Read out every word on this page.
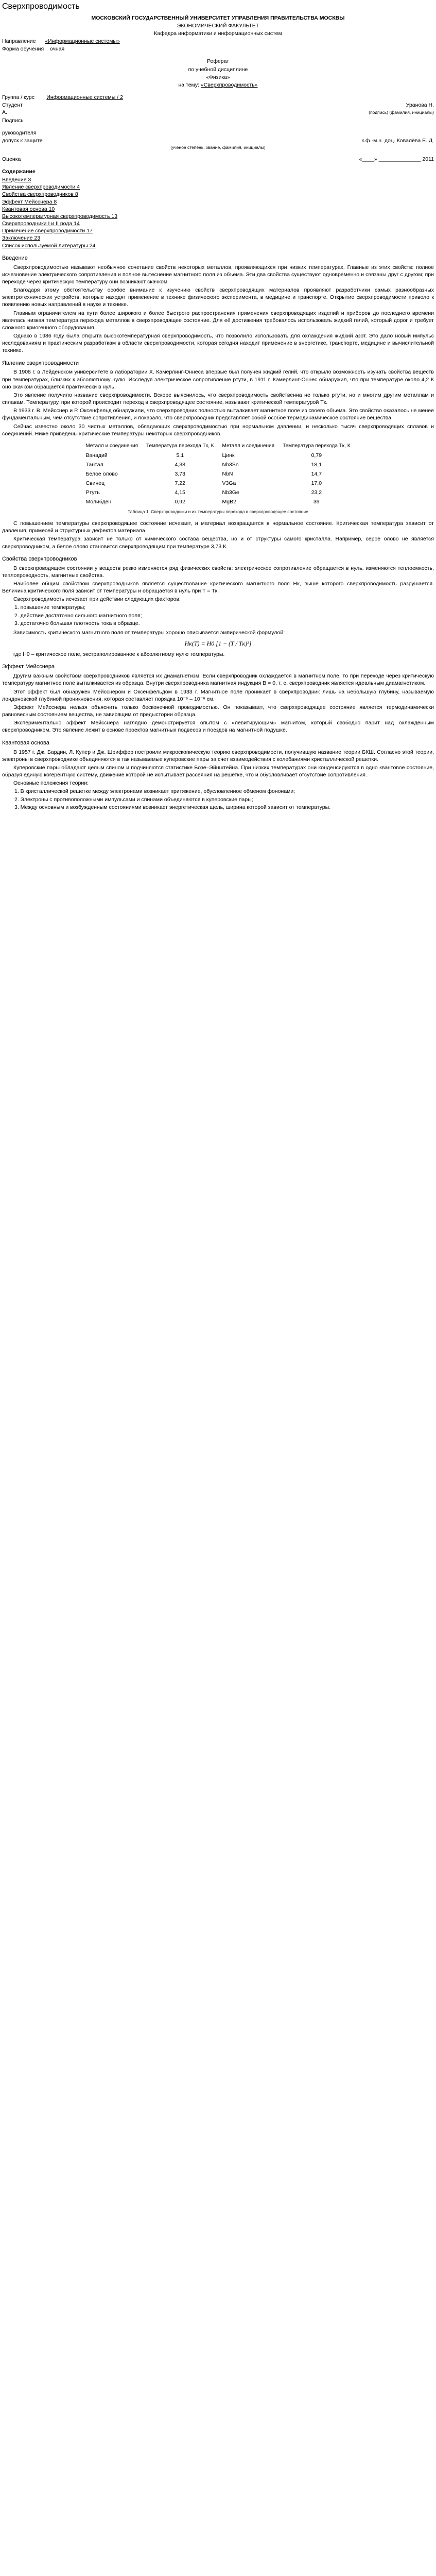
Сверхпроводимость
МОСКОВСКИЙ ГОСУДАРСТВЕННЫЙ УНИВЕРСИТЕТ УПРАВЛЕНИЯ ПРАВИТЕЛЬСТВА МОСКВЫ
ЭКОНОМИЧЕСКИЙ ФАКУЛЬТЕТ
Кафедра информатики и информационных систем
Направление «Информационные системы»
Форма обучения очная
Реферат
по учебной дисциплине
«Физика»
на тему: «Сверхпроводимость»
Группа / курс Информационные системы / 2
Студент	Уранова Н.
А.	(подпись) (фамилия, инициалы)
Подпись
руководителя
допуск к защите	к.ф.-м.н. доц. Ковалёва Е. Д.
(ученое степень, звание, фамилия, инициалы)
Оценка	«____» ______________ 2011
Содержание
Введение 3
Явление сверхпроводимости 4
Свойства сверхпроводников 8
Эффект Мейсснера 8
Квантовая основа 10
Высокотемпературная сверхпроводимость 13
Сверхпроводники I и II рода 14
Применение сверхпроводимости 17
Заключение 23
Список используемой литературы 24
Введение

Сверхпроводимостью называют необычное сочетание свойств некоторых металлов, проявляющихся при низких температурах. Главные из этих свойств: полное исчезновение электрического сопротивления и полное вытеснение магнитного поля из объема. Эти два свойства существуют одновременно и связаны друг с другом; при переходе через критическую температуру они возникают скачком.

Благодаря этому обстоятельству особое внимание к изучению свойств сверхпроводящих материалов проявляют разработчики самых разнообразных электротехнических устройств, которые находят применение в технике физического эксперимента, в медицине и транспорте. Открытие сверхпроводимости привело к появлению новых направлений в науке и технике.

Главным ограничителем на пути более широкого и более быстрого распространения применения сверхпроводящих изделий и приборов до последнего времени являлась низкая температура перехода металлов в сверхпроводящее состояние. Для её достижения требовалось использовать жидкий гелий, который дорог и требует сложного криогенного оборудования.

Однако в 1986 году была открыта высокотемпературная сверхпроводимость, что позволило использовать для охлаждения жидкий азот. Это дало новый импульс исследованиям и практическим разработкам в области сверхпроводимости, которая сегодня находит применение в энергетике, транспорте, медицине и вычислительной технике.

Явление сверхпроводимости

В 1908 г. в Лейденском университете в лаборатории Х. Камерлинг-Оннеса впервые был получен жидкий гелий, что открыло возможность изучать свойства веществ при температурах, близких к абсолютному нулю. Исследуя электрическое сопротивление ртути, в 1911 г. Камерлинг-Оннес обнаружил, что при температуре около 4,2 К оно скачком обращается практически в нуль.

Это явление получило название сверхпроводимости. Вскоре выяснилось, что сверхпроводимость свойственна не только ртути, но и многим другим металлам и сплавам. Температуру, при которой происходит переход в сверхпроводящее состояние, называют критической температурой Tк.

В 1933 г. В. Мейсснер и Р. Оксенфельд обнаружили, что сверхпроводник полностью выталкивает магнитное поле из своего объема. Это свойство оказалось не менее фундаментальным, чем отсутствие сопротивления, и показало, что сверхпроводник представляет собой особое термодинамическое состояние вещества.

Сейчас известно около 30 чистых металлов, обладающих сверхпроводимостью при нормальном давлении, и несколько тысяч сверхпроводящих сплавов и соединений. Ниже приведены критические температуры некоторых сверхпроводников.

Металл и соединения	Температура перехода Tк, К	Металл и соединения	Температура перехода Tк, К
Ванадий	5,1	Цинк	0,79
Тантал	4,38	Nb3Sn	18,1
Белое олово	3,73	NbN	14,7
Свинец	7,22	V3Ga	17,0
Ртуть	4,15	Nb3Ge	23,2
Молибден	0,92	MgB2	39
Таблица 1. Сверхпроводники и их температуры перехода в сверхпроводящее состояние

С повышением температуры сверхпроводящее состояние исчезает, и материал возвращается в нормальное состояние. Критическая температура зависит от давления, примесей и структурных дефектов материала.

Критическая температура зависит не только от химического состава вещества, но и от структуры самого кристалла. Например, серое олово не является сверхпроводником, а белое олово становится сверхпроводящим при температуре 3,73 К.

Свойства сверхпроводников

В сверхпроводящем состоянии у веществ резко изменяется ряд физических свойств: электрическое сопротивление обращается в нуль, изменяются теплоемкость, теплопроводность, магнитные свойства.

Наиболее общим свойством сверхпроводников является существование критического магнитного поля Hк, выше которого сверхпроводимость разрушается. Величина критического поля зависит от температуры и обращается в нуль при T = Tк.

Сверхпроводимость исчезает при действии следующих факторов:

1. повышение температуры;
2. действие достаточно сильного магнитного поля;
3. достаточно большая плотность тока в образце.

Зависимость критического магнитного поля от температуры хорошо описывается эмпирической формулой:

Hк(T) = H0 [1 − (T / Tк)²]

где H0 – критическое поле, экстраполированное к абсолютному нулю температуры.

Эффект Мейсснера

Другим важным свойством сверхпроводников является их диамагнетизм. Если сверхпроводник охлаждается в магнитном поле, то при переходе через критическую температуру магнитное поле выталкивается из образца. Внутри сверхпроводника магнитная индукция B = 0, т. е. сверхпроводник является идеальным диамагнетиком.

Этот эффект был обнаружен Мейсснером и Оксенфельдом в 1933 г. Магнитное поле проникает в сверхпроводник лишь на небольшую глубину, называемую лондоновской глубиной проникновения, которая составляет порядка 10⁻⁵ – 10⁻⁶ см.

Эффект Мейсснера нельзя объяснить только бесконечной проводимостью. Он показывает, что сверхпроводящее состояние является термодинамически равновесным состоянием вещества, не зависящим от предыстории образца.

Экспериментально эффект Мейсснера наглядно демонстрируется опытом с «левитирующим» магнитом, который свободно парит над охлажденным сверхпроводником. Это явление лежит в основе проектов магнитных подвесов и поездов на магнитной подушке.

Квантовая основа

В 1957 г. Дж. Бардин, Л. Купер и Дж. Шриффер построили микроскопическую теорию сверхпроводимости, получившую название теории БКШ. Согласно этой теории, электроны в сверхпроводнике объединяются в так называемые куперовские пары за счет взаимодействия с колебаниями кристаллической решетки.

Куперовские пары обладают целым спином и подчиняются статистике Бозе–Эйнштейна. При низких температурах они конденсируются в одно квантовое состояние, образуя единую когерентную систему, движение которой не испытывает рассеяния на решетке, что и обусловливает отсутствие сопротивления.

Основные положения теории:

1. В кристаллической решетке между электронами возникает притяжение, обусловленное обменом фононами;
2. Электроны с противоположными импульсами и спинами объединяются в куперовские пары;
3. Между основным и возбужденным состояниями возникает энергетическая щель, ширина которой зависит от температуры.
